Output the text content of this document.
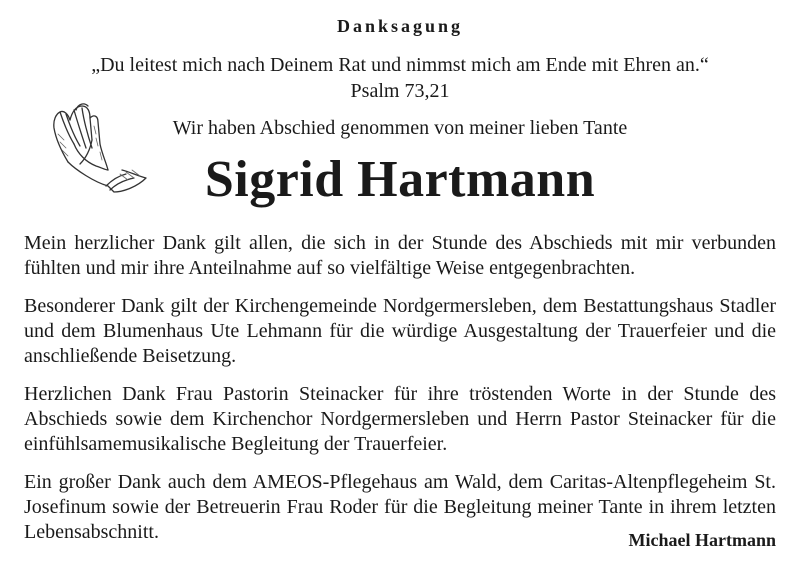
Danksagung
„Du leitest mich nach Deinem Rat und nimmst mich am Ende mit Ehren an.“
Psalm 73,21
Wir haben Abschied genommen von meiner lieben Tante
Sigrid Hartmann

Mein herzlicher Dank gilt allen, die sich in der Stunde des Abschieds mit mir verbunden fühlten und mir ihre Anteilnahme auf so vielfältige Weise entgegenbrachten.

Besonderer Dank gilt der Kirchengemeinde Nordgermersleben, dem Bestattungshaus Stadler und dem Blumenhaus Ute Lehmann für die würdige Ausgestaltung der Trauerfeier und die anschließende Beisetzung.

Herzlichen Dank Frau Pastorin Steinacker für ihre tröstenden Worte in der Stunde des Abschieds sowie dem Kirchenchor Nordgermersleben und Herrn Pastor Steinacker für die einfühlsamemusikalische Begleitung der Trauerfeier.

Ein großer Dank auch dem AMEOS-Pflegehaus am Wald, dem Caritas-Altenpflegeheim St. Josefinum sowie der Betreuerin Frau Roder für die Begleitung meiner Tante in ihrem letzten Lebensabschnitt.	Michael Hartmann
